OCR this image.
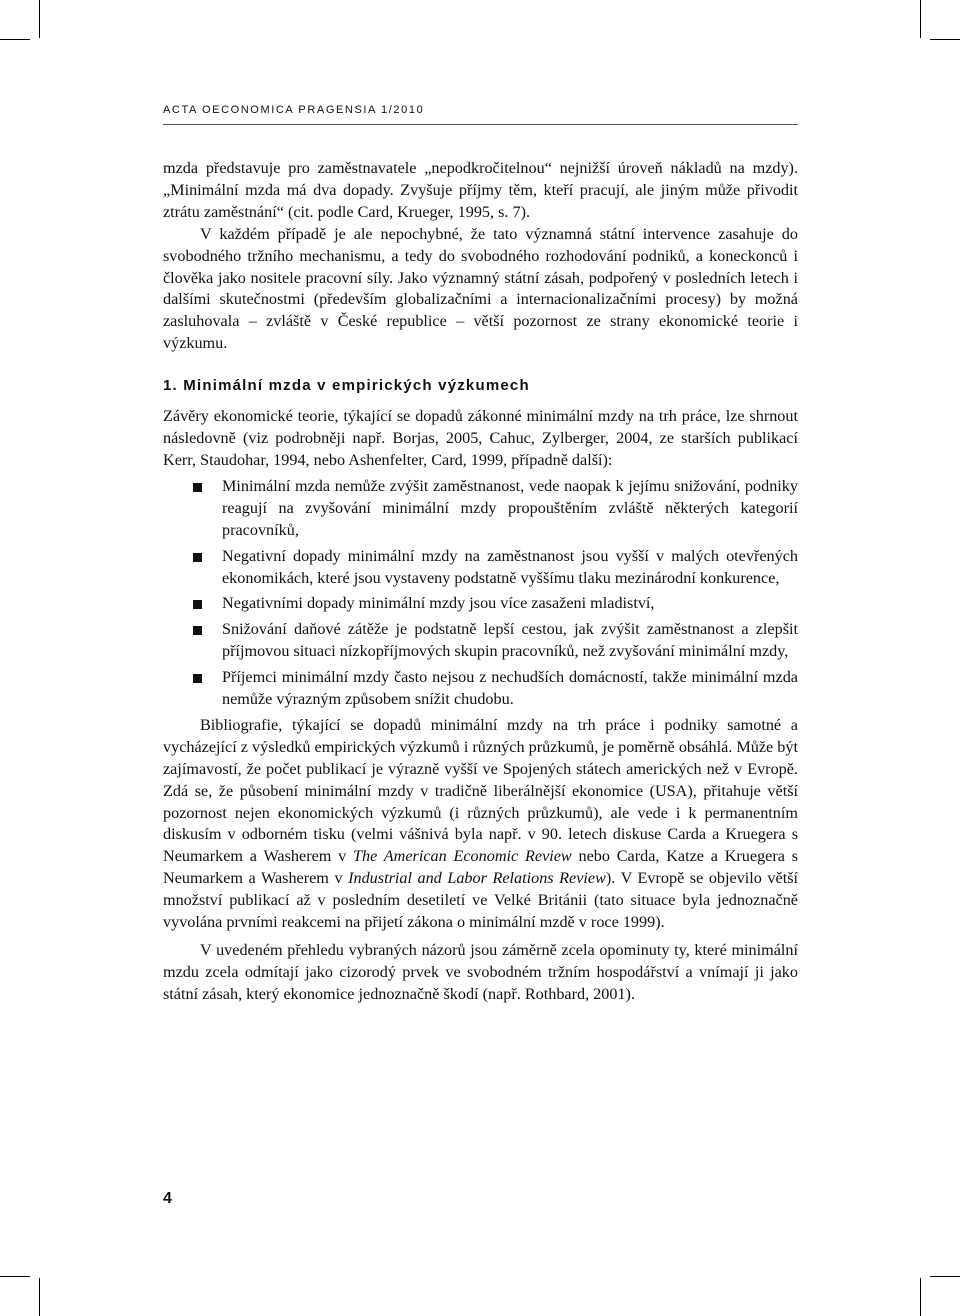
ACTA OECONOMICA PRAGENSIA 1/2010

mzda představuje pro zaměstnavatele „nepodkročitelnou“ nejnižší úroveň nákladů na mzdy). „Minimální mzda má dva dopady. Zvyšuje příjmy těm, kteří pracují, ale jiným může přivodit ztrátu zaměstnání“ (cit. podle Card, Krueger, 1995, s. 7).

V každém případě je ale nepochybné, že tato významná státní intervence zasahuje do svobodného tržního mechanismu, a tedy do svobodného rozhodování podniků, a koneckonců i člověka jako nositele pracovní síly. Jako významný státní zásah, podpořený v posledních letech i dalšími skutečnostmi (především globalizačními a internacionalizačními procesy) by možná zasluhovala – zvláště v České republice – větší pozornost ze strany ekonomické teorie i výzkumu.

1. Minimální mzda v empirických výzkumech

Závěry ekonomické teorie, týkající se dopadů zákonné minimální mzdy na trh práce, lze shrnout následovně (viz podrobněji např. Borjas, 2005, Cahuc, Zylberger, 2004, ze starších publikací Kerr, Staudohar, 1994, nebo Ashenfelter, Card, 1999, případně další):

Minimální mzda nemůže zvýšit zaměstnanost, vede naopak k jejímu snižování, podniky reagují na zvyšování minimální mzdy propouštěním zvláště některých kategorií pracovníků,
Negativní dopady minimální mzdy na zaměstnanost jsou vyšší v malých otevřených ekonomikách, které jsou vystaveny podstatně vyššímu tlaku mezinárodní konkurence,
Negativními dopady minimální mzdy jsou více zasaženi mladiství,
Snižování daňové zátěže je podstatně lepší cestou, jak zvýšit zaměstnanost a zlepšit příjmovou situaci nízkopříjmových skupin pracovníků, než zvyšování minimální mzdy,
Příjemci minimální mzdy často nejsou z nechudších domácností, takže minimální mzda nemůže výrazným způsobem snížit chudobu.

Bibliografie, týkající se dopadů minimální mzdy na trh práce i podniky samotné a vycházející z výsledků empirických výzkumů i různých průzkumů, je poměrně obsáhlá. Může být zajímavostí, že počet publikací je výrazně vyšší ve Spojených státech amerických než v Evropě. Zdá se, že působení minimální mzdy v tradičně liberálnější ekonomice (USA), přitahuje větší pozornost nejen ekonomických výzkumů (i různých průzkumů), ale vede i k permanentním diskusím v odborném tisku (velmi vášnivá byla např. v 90. letech diskuse Carda a Kruegera s Neumarkem a Washerem v The American Economic Review nebo Carda, Katze a Kruegera s Neumarkem a Washerem v Industrial and Labor Relations Review). V Evropě se objevilo větší množství publikací až v posledním desetiletí ve Velké Británii (tato situace byla jednoznačně vyvolána prvními reakcemi na přijetí zákona o minimální mzdě v roce 1999).

V uvedeném přehledu vybraných názorů jsou záměrně zcela opominuty ty, které minimální mzdu zcela odmítají jako cizorodý prvek ve svobodném tržním hospodářství a vnímají ji jako státní zásah, který ekonomice jednoznačně škodí (např. Rothbard, 2001).

4
